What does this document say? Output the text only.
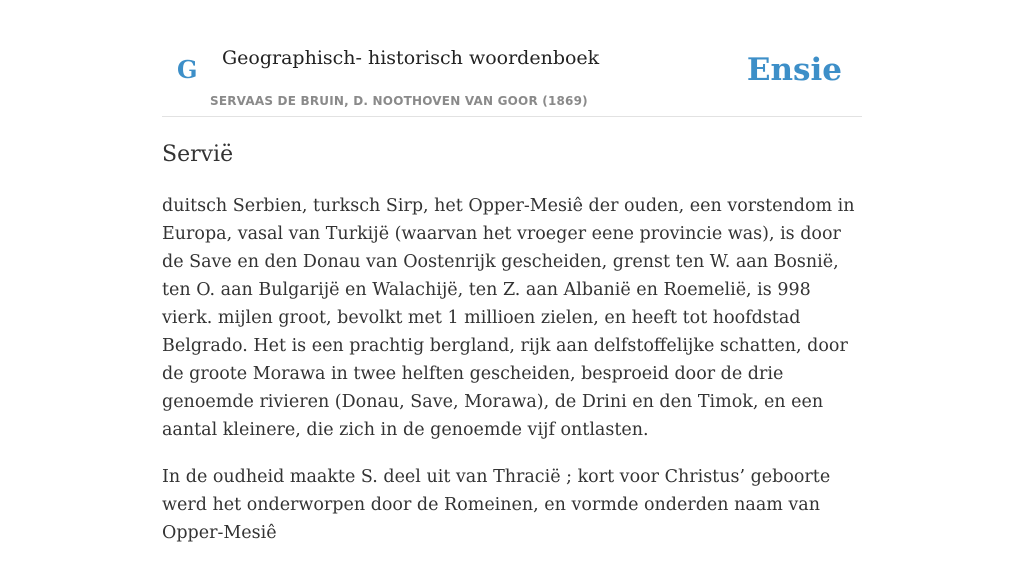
G Geographisch- historisch woordenboek
SERVAAS DE BRUIN, D. NOOTHOVEN VAN GOOR (1869)
Ensie
Servië

duitsch Serbien, turksch Sirp, het Opper-Mesiê der ouden, een vorstendom in Europa, vasal van Turkijë (waarvan het vroeger eene provincie was), is door de Save en den Donau van Oostenrijk gescheiden, grenst ten W. aan Bosnië, ten O. aan Bulgarijë en Walachijë, ten Z. aan Albanië en Roemelië, is 998 vierk. mijlen groot, bevolkt met 1 millioen zielen, en heeft tot hoofdstad Belgrado. Het is een prachtig bergland, rijk aan delfstoffelijke schatten, door de groote Morawa in twee helften gescheiden, besproeid door de drie genoemde rivieren (Donau, Save, Morawa), de Drini en den Timok, en een aantal kleinere, die zich in de genoemde vijf ontlasten.

In de oudheid maakte S. deel uit van Thracië ; kort voor Christus’ geboorte werd het onderworpen door de Romeinen, en vormde onderden naam van Opper-Mesiê
